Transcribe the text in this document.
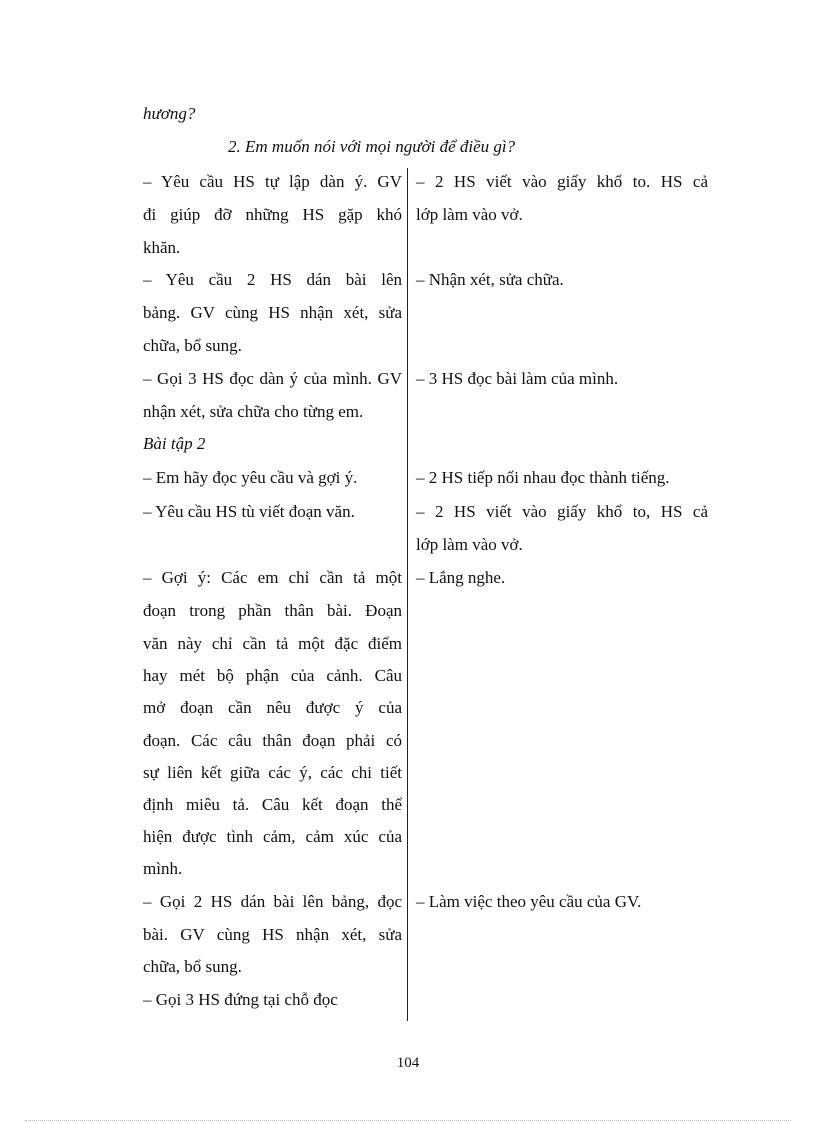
hương?
2. Em muốn nói với mọi người để điều gì?
– Yêu cầu HS tự lập dàn ý. GV
đi giúp đỡ những HS gặp khó
khăn.
– 2 HS viết vào giấy khổ to. HS cả
lớp làm vào vở.
– Yêu cầu 2 HS dán bài lên
bảng. GV cùng HS nhận xét, sửa
chữa, bổ sung.
– Nhận xét, sửa chữa.
– Gọi 3 HS đọc dàn ý của mình. GV
nhận xét, sửa chữa cho từng em.
– 3 HS đọc bài làm của mình.
Bài tập 2
– Em hãy đọc yêu cầu và gợi ý.	– 2 HS tiếp nối nhau đọc thành tiếng.
– Yêu cầu HS tù viết đoạn văn.	– 2 HS viết vào giấy khổ to, HS cả
lớp làm vào vở.
– Gợi ý: Các em chỉ cần tả một
đoạn trong phần thân bài. Đoạn
văn này chỉ cần tả một đặc điểm
hay mét bộ phận của cảnh. Câu
mở đoạn cần nêu được ý của
đoạn. Các câu thân đoạn phải có
sự liên kết giữa các ý, các chi tiết
định miêu tả. Câu kết đoạn thể
hiện được tình cảm, cảm xúc của
mình.
– Lắng nghe.
– Gọi 2 HS dán bài lên bảng, đọc
bài. GV cùng HS nhận xét, sửa
chữa, bổ sung.
– Gọi 3 HS đứng tại chỗ đọc
– Làm việc theo yêu cầu của GV.
104
